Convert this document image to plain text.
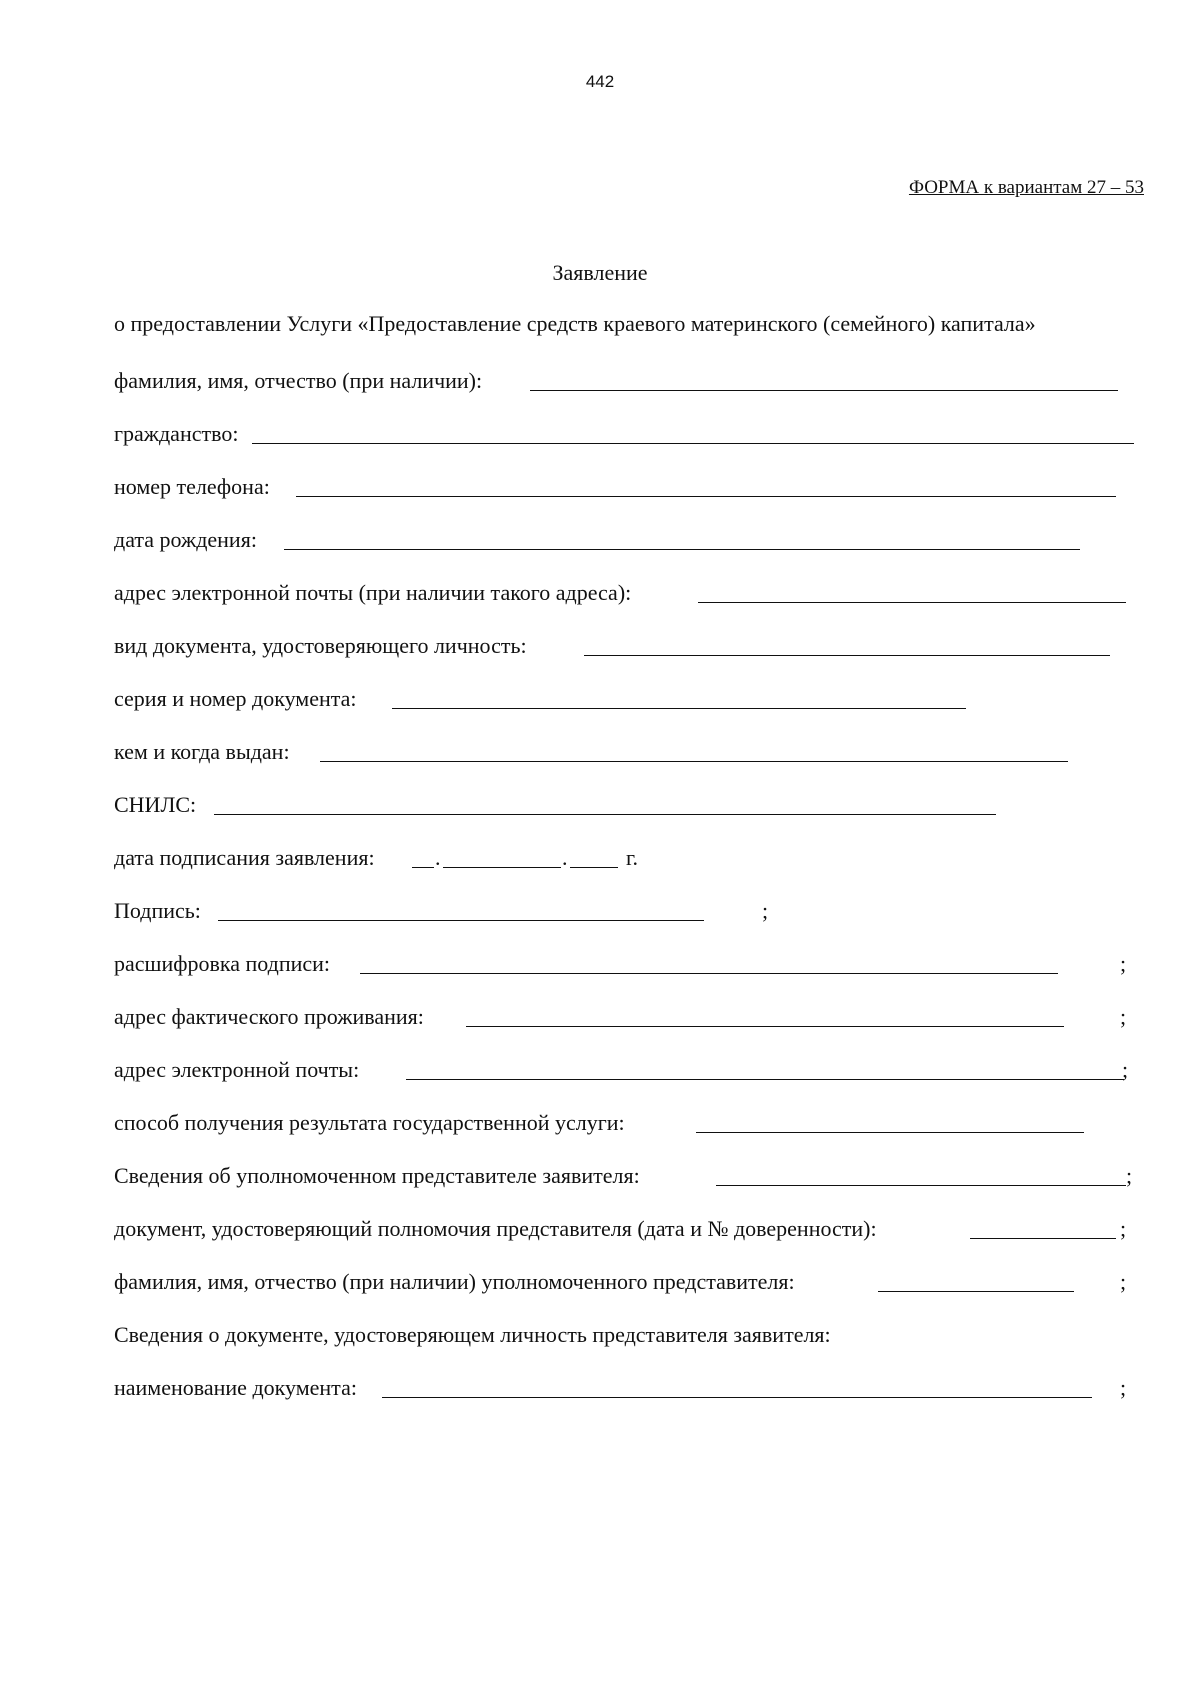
442
ФОРМА к вариантам 27 – 53
Заявление
о предоставлении Услуги «Предоставление средств краевого материнского (семейного) капитала»
фамилия, имя, отчество (при наличии):
гражданство:
номер телефона:
дата рождения:
адрес электронной почты (при наличии такого адреса):
вид документа, удостоверяющего личность:
серия и номер документа:
кем и когда выдан:
СНИЛС:
дата подписания заявления:	.	.	г.
Подпись:	;
расшифровка подписи:	;
адрес фактического проживания:	;
адрес электронной почты:	;
способ получения результата государственной услуги:
Сведения об уполномоченном представителе заявителя:	;
документ, удостоверяющий полномочия представителя (дата и № доверенности):	;
фамилия, имя, отчество (при наличии) уполномоченного представителя:	;
Сведения о документе, удостоверяющем личность представителя заявителя:
наименование документа:	;
